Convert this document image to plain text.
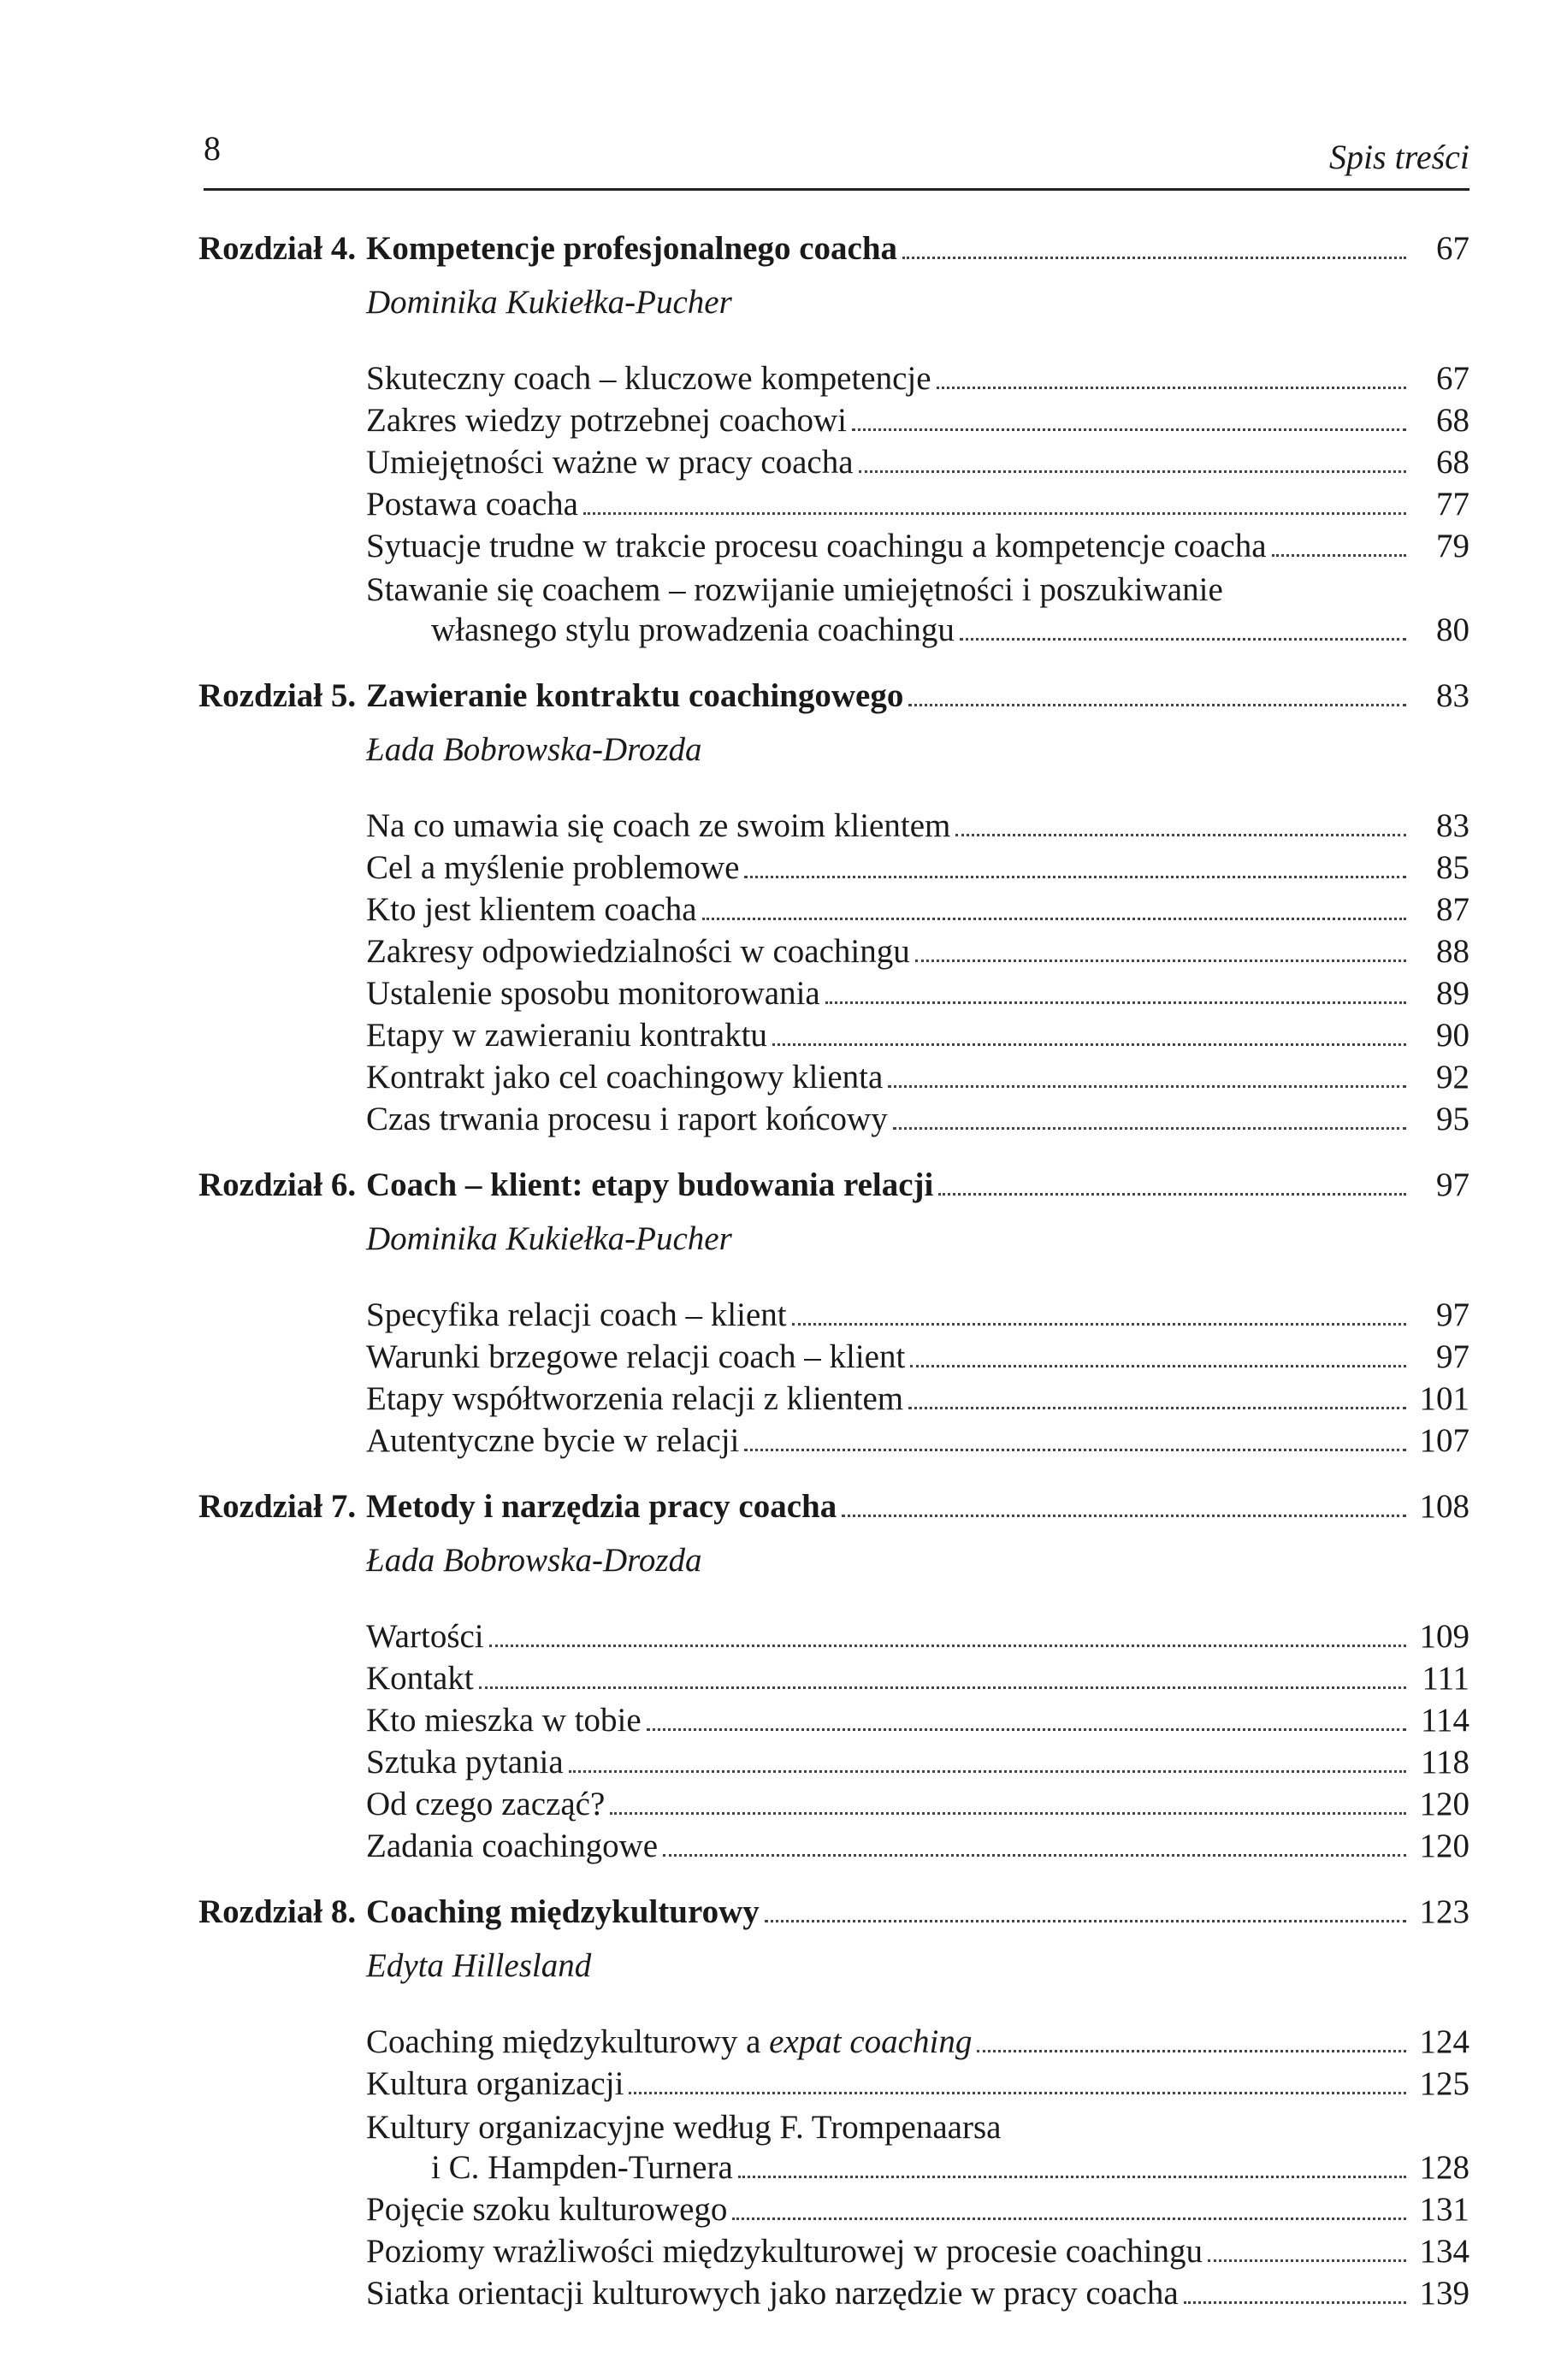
8	Spis treści
Rozdział 4. Kompetencje profesjonalnego coacha	67
Dominika Kukiełka-Pucher
Skuteczny coach – kluczowe kompetencje	67
Zakres wiedzy potrzebnej coachowi	68
Umiejętności ważne w pracy coacha	68
Postawa coacha	77
Sytuacje trudne w trakcie procesu coachingu a kompetencje coacha	79
Stawanie się coachem – rozwijanie umiejętności i poszukiwanie
własnego stylu prowadzenia coachingu	80
Rozdział 5. Zawieranie kontraktu coachingowego	83
Łada Bobrowska-Drozda
Na co umawia się coach ze swoim klientem	83
Cel a myślenie problemowe	85
Kto jest klientem coacha	87
Zakresy odpowiedzialności w coachingu	88
Ustalenie sposobu monitorowania	89
Etapy w zawieraniu kontraktu	90
Kontrakt jako cel coachingowy klienta	92
Czas trwania procesu i raport końcowy	95
Rozdział 6. Coach – klient: etapy budowania relacji	97
Dominika Kukiełka-Pucher
Specyfika relacji coach – klient	97
Warunki brzegowe relacji coach – klient	97
Etapy współtworzenia relacji z klientem	101
Autentyczne bycie w relacji	107
Rozdział 7. Metody i narzędzia pracy coacha	108
Łada Bobrowska-Drozda
Wartości	109
Kontakt	111
Kto mieszka w tobie	114
Sztuka pytania	118
Od czego zacząć?	120
Zadania coachingowe	120
Rozdział 8. Coaching międzykulturowy	123
Edyta Hillesland
Coaching międzykulturowy a expat coaching	124
Kultura organizacji	125
Kultury organizacyjne według F. Trompenaarsa
i C. Hampden-Turnera	128
Pojęcie szoku kulturowego	131
Poziomy wrażliwości międzykulturowej w procesie coachingu	134
Siatka orientacji kulturowych jako narzędzie w pracy coacha	139
